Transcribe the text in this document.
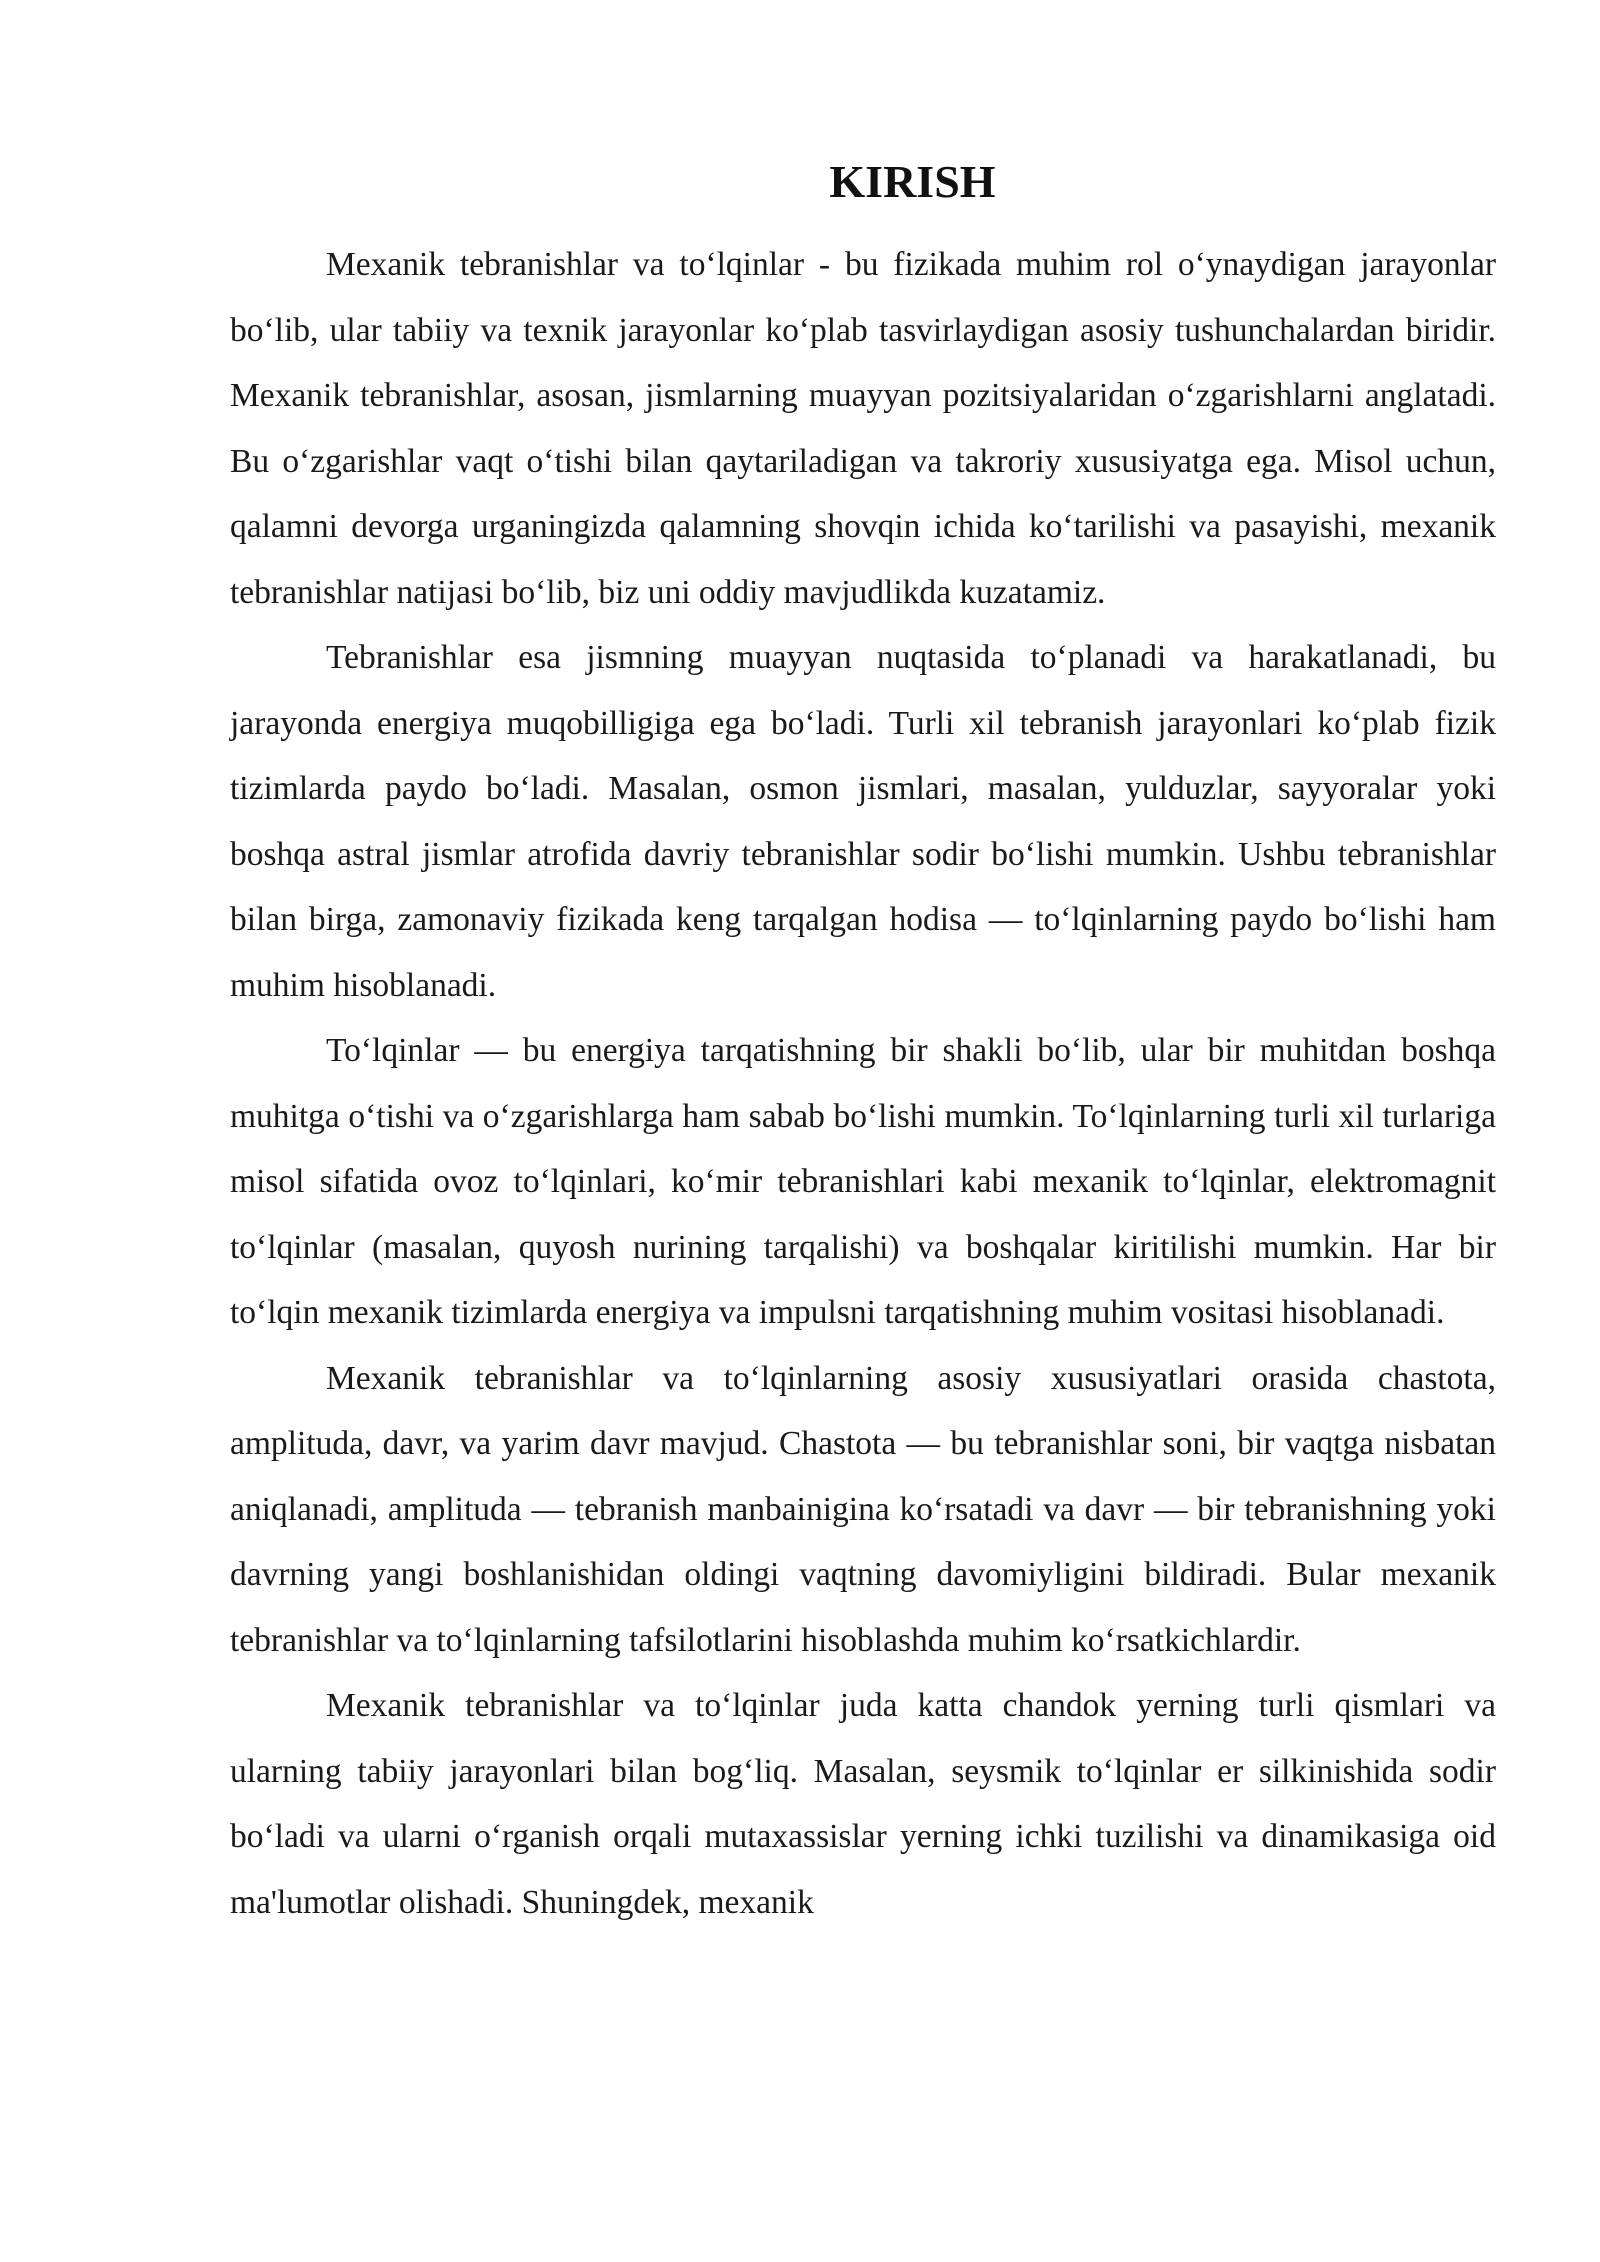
KIRISH

Mexanik tebranishlar va to‘lqinlar - bu fizikada muhim rol o‘ynaydigan jarayonlar bo‘lib, ular tabiiy va texnik jarayonlar ko‘plab tasvirlaydigan asosiy tushunchalardan biridir. Mexanik tebranishlar, asosan, jismlarning muayyan pozitsiyalaridan o‘zgarishlarni anglatadi. Bu o‘zgarishlar vaqt o‘tishi bilan qaytariladigan va takroriy xususiyatga ega. Misol uchun, qalamni devorga urganingizda qalamning shovqin ichida ko‘tarilishi va pasayishi, mexanik tebranishlar natijasi bo‘lib, biz uni oddiy mavjudlikda kuzatamiz.

Tebranishlar esa jismning muayyan nuqtasida to‘planadi va harakatlanadi, bu jarayonda energiya muqobilligiga ega bo‘ladi. Turli xil tebranish jarayonlari ko‘plab fizik tizimlarda paydo bo‘ladi. Masalan, osmon jismlari, masalan, yulduzlar, sayyoralar yoki boshqa astral jismlar atrofida davriy tebranishlar sodir bo‘lishi mumkin. Ushbu tebranishlar bilan birga, zamonaviy fizikada keng tarqalgan hodisa — to‘lqinlarning paydo bo‘lishi ham muhim hisoblanadi.

To‘lqinlar — bu energiya tarqatishning bir shakli bo‘lib, ular bir muhitdan boshqa muhitga o‘tishi va o‘zgarishlarga ham sabab bo‘lishi mumkin. To‘lqinlarning turli xil turlariga misol sifatida ovoz to‘lqinlari, ko‘mir tebranishlari kabi mexanik to‘lqinlar, elektromagnit to‘lqinlar (masalan, quyosh nurining tarqalishi) va boshqalar kiritilishi mumkin. Har bir to‘lqin mexanik tizimlarda energiya va impulsni tarqatishning muhim vositasi hisoblanadi.

Mexanik tebranishlar va to‘lqinlarning asosiy xususiyatlari orasida chastota, amplituda, davr, va yarim davr mavjud. Chastota — bu tebranishlar soni, bir vaqtga nisbatan aniqlanadi, amplituda — tebranish manbainigina ko‘rsatadi va davr — bir tebranishning yoki davrning yangi boshlanishidan oldingi vaqtning davomiyligini bildiradi. Bular mexanik tebranishlar va to‘lqinlarning tafsilotlarini hisoblashda muhim ko‘rsatkichlardir.

Mexanik tebranishlar va to‘lqinlar juda katta chandok yerning turli qismlari va ularning tabiiy jarayonlari bilan bog‘liq. Masalan, seysmik to‘lqinlar er silkinishida sodir bo‘ladi va ularni o‘rganish orqali mutaxassislar yerning ichki tuzilishi va dinamikasiga oid ma'lumotlar olishadi. Shuningdek, mexanik
